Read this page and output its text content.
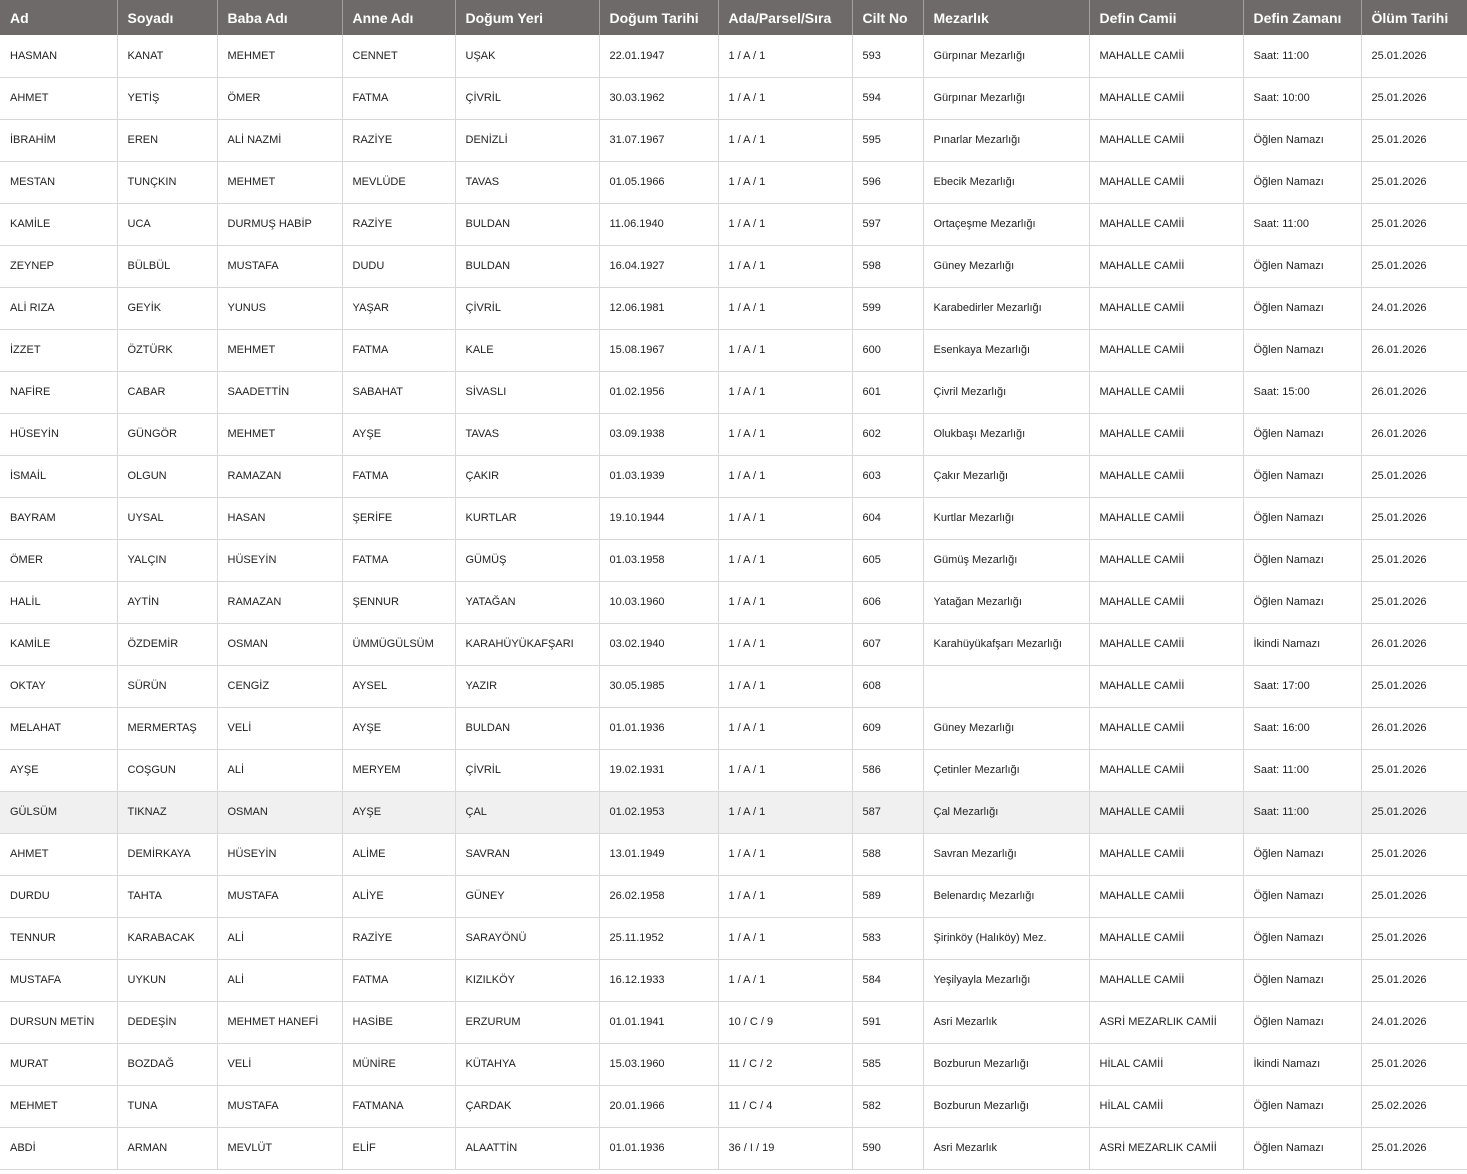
Ad	Soyadı	Baba Adı	Anne Adı	Doğum Yeri	Doğum Tarihi	Ada/Parsel/Sıra	Cilt No	Mezarlık	Defin Camii	Defin Zamanı	Ölüm Tarihi
HASMAN	KANAT	MEHMET	CENNET	UŞAK	22.01.1947	1 / A / 1	593	Gürpınar Mezarlığı	MAHALLE CAMİİ	Saat: 11:00	25.01.2026
AHMET	YETİŞ	ÖMER	FATMA	ÇİVRİL	30.03.1962	1 / A / 1	594	Gürpınar Mezarlığı	MAHALLE CAMİİ	Saat: 10:00	25.01.2026
İBRAHİM	EREN	ALİ NAZMİ	RAZİYE	DENİZLİ	31.07.1967	1 / A / 1	595	Pınarlar Mezarlığı	MAHALLE CAMİİ	Öğlen Namazı	25.01.2026
MESTAN	TUNÇKIN	MEHMET	MEVLÜDE	TAVAS	01.05.1966	1 / A / 1	596	Ebecik Mezarlığı	MAHALLE CAMİİ	Öğlen Namazı	25.01.2026
KAMİLE	UCA	DURMUŞ HABİP	RAZİYE	BULDAN	11.06.1940	1 / A / 1	597	Ortaçeşme Mezarlığı	MAHALLE CAMİİ	Saat: 11:00	25.01.2026
ZEYNEP	BÜLBÜL	MUSTAFA	DUDU	BULDAN	16.04.1927	1 / A / 1	598	Güney Mezarlığı	MAHALLE CAMİİ	Öğlen Namazı	25.01.2026
ALİ RIZA	GEYİK	YUNUS	YAŞAR	ÇİVRİL	12.06.1981	1 / A / 1	599	Karabedirler Mezarlığı	MAHALLE CAMİİ	Öğlen Namazı	24.01.2026
İZZET	ÖZTÜRK	MEHMET	FATMA	KALE	15.08.1967	1 / A / 1	600	Esenkaya Mezarlığı	MAHALLE CAMİİ	Öğlen Namazı	26.01.2026
NAFİRE	CABAR	SAADETTİN	SABAHAT	SİVASLI	01.02.1956	1 / A / 1	601	Çivril Mezarlığı	MAHALLE CAMİİ	Saat: 15:00	26.01.2026
HÜSEYİN	GÜNGÖR	MEHMET	AYŞE	TAVAS	03.09.1938	1 / A / 1	602	Olukbaşı Mezarlığı	MAHALLE CAMİİ	Öğlen Namazı	26.01.2026
İSMAİL	OLGUN	RAMAZAN	FATMA	ÇAKIR	01.03.1939	1 / A / 1	603	Çakır Mezarlığı	MAHALLE CAMİİ	Öğlen Namazı	25.01.2026
BAYRAM	UYSAL	HASAN	ŞERİFE	KURTLAR	19.10.1944	1 / A / 1	604	Kurtlar Mezarlığı	MAHALLE CAMİİ	Öğlen Namazı	25.01.2026
ÖMER	YALÇIN	HÜSEYİN	FATMA	GÜMÜŞ	01.03.1958	1 / A / 1	605	Gümüş Mezarlığı	MAHALLE CAMİİ	Öğlen Namazı	25.01.2026
HALİL	AYTİN	RAMAZAN	ŞENNUR	YATAĞAN	10.03.1960	1 / A / 1	606	Yatağan Mezarlığı	MAHALLE CAMİİ	Öğlen Namazı	25.01.2026
KAMİLE	ÖZDEMİR	OSMAN	ÜMMÜGÜLSÜM	KARAHÜYÜKAFŞARI	03.02.1940	1 / A / 1	607	Karahüyükafşarı Mezarlığı	MAHALLE CAMİİ	İkindi Namazı	26.01.2026
OKTAY	SÜRÜN	CENGİZ	AYSEL	YAZIR	30.05.1985	1 / A / 1	608		MAHALLE CAMİİ	Saat: 17:00	25.01.2026
MELAHAT	MERMERTAŞ	VELİ	AYŞE	BULDAN	01.01.1936	1 / A / 1	609	Güney Mezarlığı	MAHALLE CAMİİ	Saat: 16:00	26.01.2026
AYŞE	COŞGUN	ALİ	MERYEM	ÇİVRİL	19.02.1931	1 / A / 1	586	Çetinler Mezarlığı	MAHALLE CAMİİ	Saat: 11:00	25.01.2026
GÜLSÜM	TIKNAZ	OSMAN	AYŞE	ÇAL	01.02.1953	1 / A / 1	587	Çal Mezarlığı	MAHALLE CAMİİ	Saat: 11:00	25.01.2026
AHMET	DEMİRKAYA	HÜSEYİN	ALİME	SAVRAN	13.01.1949	1 / A / 1	588	Savran Mezarlığı	MAHALLE CAMİİ	Öğlen Namazı	25.01.2026
DURDU	TAHTA	MUSTAFA	ALİYE	GÜNEY	26.02.1958	1 / A / 1	589	Belenardıç Mezarlığı	MAHALLE CAMİİ	Öğlen Namazı	25.01.2026
TENNUR	KARABACAK	ALİ	RAZİYE	SARAYÖNÜ	25.11.1952	1 / A / 1	583	Şirinköy (Halıköy) Mez.	MAHALLE CAMİİ	Öğlen Namazı	25.01.2026
MUSTAFA	UYKUN	ALİ	FATMA	KIZILKÖY	16.12.1933	1 / A / 1	584	Yeşilyayla Mezarlığı	MAHALLE CAMİİ	Öğlen Namazı	25.01.2026
DURSUN METİN	DEDEŞİN	MEHMET HANEFİ	HASİBE	ERZURUM	01.01.1941	10 / C / 9	591	Asri Mezarlık	ASRİ MEZARLIK CAMİİ	Öğlen Namazı	24.01.2026
MURAT	BOZDAĞ	VELİ	MÜNİRE	KÜTAHYA	15.03.1960	11 / C / 2	585	Bozburun Mezarlığı	HİLAL CAMİİ	İkindi Namazı	25.01.2026
MEHMET	TUNA	MUSTAFA	FATMANA	ÇARDAK	20.01.1966	11 / C / 4	582	Bozburun Mezarlığı	HİLAL CAMİİ	Öğlen Namazı	25.02.2026
ABDİ	ARMAN	MEVLÜT	ELİF	ALAATTİN	01.01.1936	36 / I / 19	590	Asri Mezarlık	ASRİ MEZARLIK CAMİİ	Öğlen Namazı	25.01.2026
